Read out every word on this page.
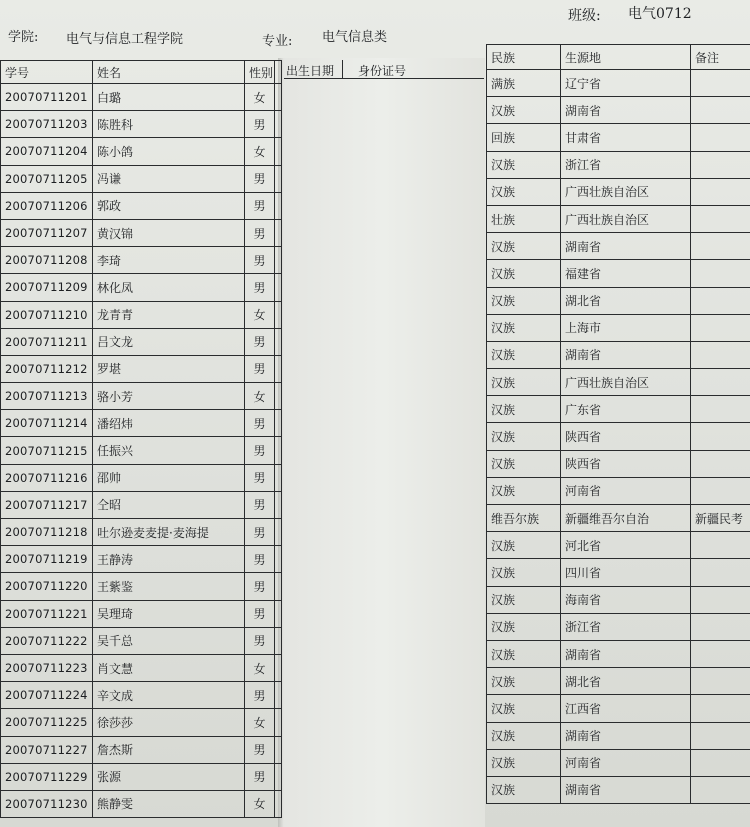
学院: 电气与信息工程学院	专业: 电气信息类
班级: 电气0712
学号	姓名	性别	
20070711201	白璐	女	
20070711203	陈胜科	男	
20070711204	陈小鸽	女	
20070711205	冯谦	男	
20070711206	郭政	男	
20070711207	黄汉锦	男	
20070711208	李琦	男	
20070711209	林化凤	男	
20070711210	龙青青	女	
20070711211	吕文龙	男	
20070711212	罗堪	男	
20070711213	骆小芳	女	
20070711214	潘绍炜	男	
20070711215	任振兴	男	
20070711216	邵帅	男	
20070711217	仝昭	男	
20070711218	吐尔逊麦麦提·麦海提	男	
20070711219	王静涛	男	
20070711220	王紫鉴	男	
20070711221	吴理琦	男	
20070711222	吴千总	男	
20070711223	肖文慧	女	
20070711224	辛文成	男	
20070711225	徐莎莎	女	
20070711227	詹杰斯	男	
20070711229	张源	男	
20070711230	熊静雯	女	
出生日期 身份证号
民族	生源地	备注
满族	辽宁省	
汉族	湖南省	
回族	甘肃省	
汉族	浙江省	
汉族	广西壮族自治区	
壮族	广西壮族自治区	
汉族	湖南省	
汉族	福建省	
汉族	湖北省	
汉族	上海市	
汉族	湖南省	
汉族	广西壮族自治区	
汉族	广东省	
汉族	陕西省	
汉族	陕西省	
汉族	河南省	
维吾尔族	新疆维吾尔自治	新疆民考
汉族	河北省	
汉族	四川省	
汉族	海南省	
汉族	浙江省	
汉族	湖南省	
汉族	湖北省	
汉族	江西省	
汉族	湖南省	
汉族	河南省	
汉族	湖南省	
